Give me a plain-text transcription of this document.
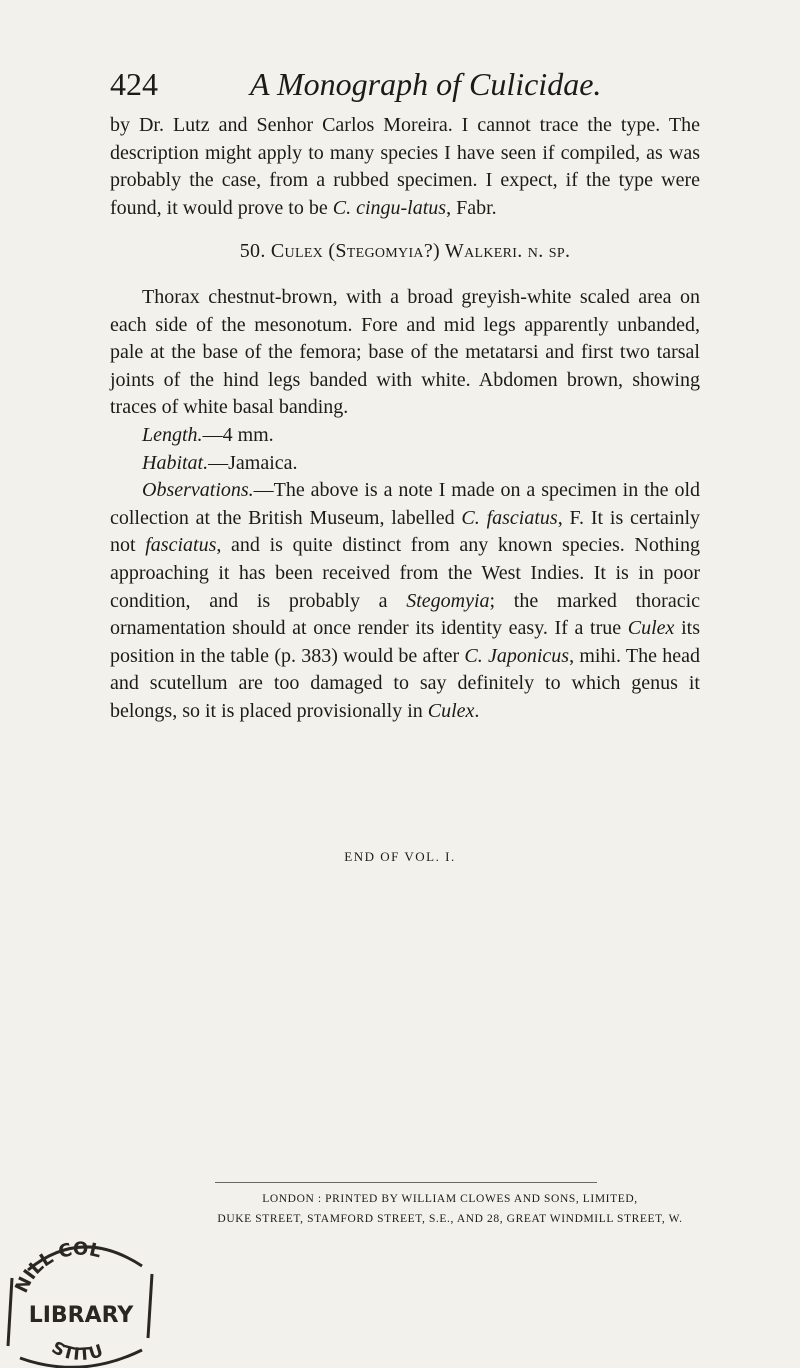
424	A Monograph of Culicidae.

by Dr. Lutz and Senhor Carlos Moreira. I cannot trace the type. The description might apply to many species I have seen if compiled, as was probably the case, from a rubbed specimen. I expect, if the type were found, it would prove to be C. cingu-latus, Fabr.

50. Culex (Stegomyia?) Walkeri. n. sp.

Thorax chestnut-brown, with a broad greyish-white scaled area on each side of the mesonotum. Fore and mid legs apparently unbanded, pale at the base of the femora; base of the metatarsi and first two tarsal joints of the hind legs banded with white. Abdomen brown, showing traces of white basal banding.

Length.—4 mm.

Habitat.—Jamaica.

Observations.—The above is a note I made on a specimen in the old collection at the British Museum, labelled C. fasciatus, F. It is certainly not fasciatus, and is quite distinct from any known species. Nothing approaching it has been received from the West Indies. It is in poor condition, and is probably a Stegomyia; the marked thoracic ornamentation should at once render its identity easy. If a true Culex its position in the table (p. 383) would be after C. Japonicus, mihi. The head and scutellum are too damaged to say definitely to which genus it belongs, so it is placed provisionally in Culex.

END OF VOL. I.
LONDON : PRINTED BY WILLIAM CLOWES AND SONS, LIMITED,
DUKE STREET, STAMFORD STREET, S.E., AND 28, GREAT WINDMILL STREET, W.
NILL COL
LIBRARY
STITU
